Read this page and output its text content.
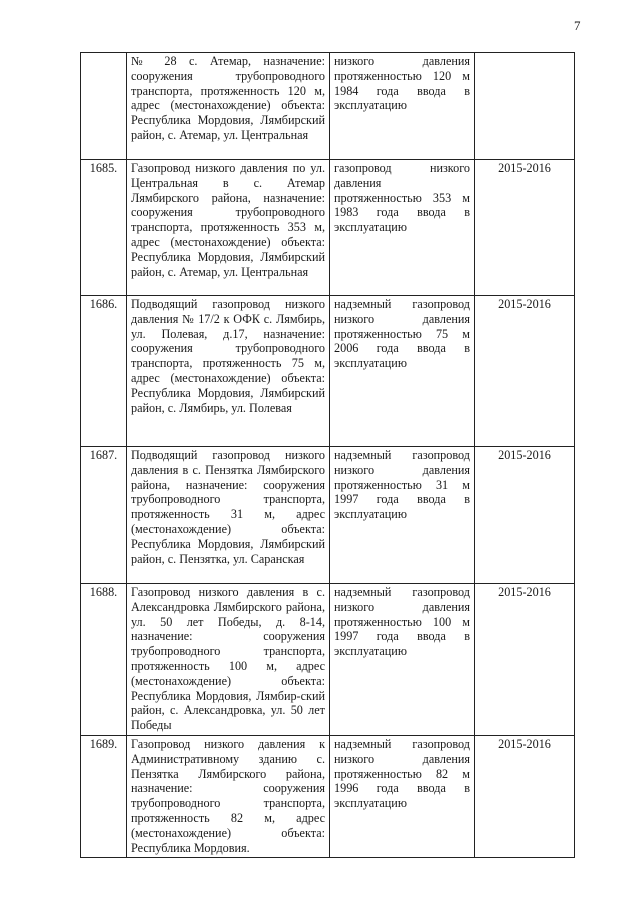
7
	№ 28 с. Атемар, назначение: сооружения трубопроводного транспорта, протяженность 120 м, адрес (местонахождение) объекта: Республика Мордовия, Лямбирский район, с. Атемар, ул. Центральная	низкого давления протяженностью 120 м 1984 года ввода в эксплуатацию	
1685.	Газопровод низкого давления по ул. Центральная в с. Атемар Лямбирского района, назначение: сооружения трубопроводного транспорта, протяженность 353 м, адрес (местонахождение) объекта: Республика Мордовия, Лямбирский район, с. Атемар, ул. Центральная	газопровод низкого давления протяженностью 353 м 1983 года ввода в эксплуатацию	2015-2016
1686.	Подводящий газопровод низкого давления № 17/2 к ОФК с. Лямбирь, ул. Полевая, д.17, назначение: сооружения трубопроводного транспорта, протяженность 75 м, адрес (местонахождение) объекта: Республика Мордовия, Лямбирский район, с. Лямбирь, ул. Полевая	надземный газопровод низкого давления протяженностью 75 м 2006 года ввода в эксплуатацию	2015-2016
1687.	Подводящий газопровод низкого давления в с. Пензятка Лямбирского района, назначение: сооружения трубопроводного транспорта, протяженность 31 м, адрес (местонахождение) объекта: Республика Мордовия, Лямбирский район, с. Пензятка, ул. Саранская	надземный газопровод низкого давления протяженностью 31 м 1997 года ввода в эксплуатацию	2015-2016
1688.	Газопровод низкого давления в с. Александровка Лямбирского района, ул. 50 лет Победы, д. 8-14, назначение: сооружения трубопроводного транспорта, протяженность 100 м, адрес (местонахождение) объекта: Республика Мордовия, Лямбир-ский район, с. Александровка, ул. 50 лет Победы	надземный газопровод низкого давления протяженностью 100 м 1997 года ввода в эксплуатацию	2015-2016
1689.	Газопровод низкого давления к Административному зданию с. Пензятка Лямбирского района, назначение: сооружения трубопроводного транспорта, протяженность 82 м, адрес (местонахождение) объекта: Республика Мордовия.	надземный газопровод низкого давления протяженностью 82 м 1996 года ввода в эксплуатацию	2015-2016
